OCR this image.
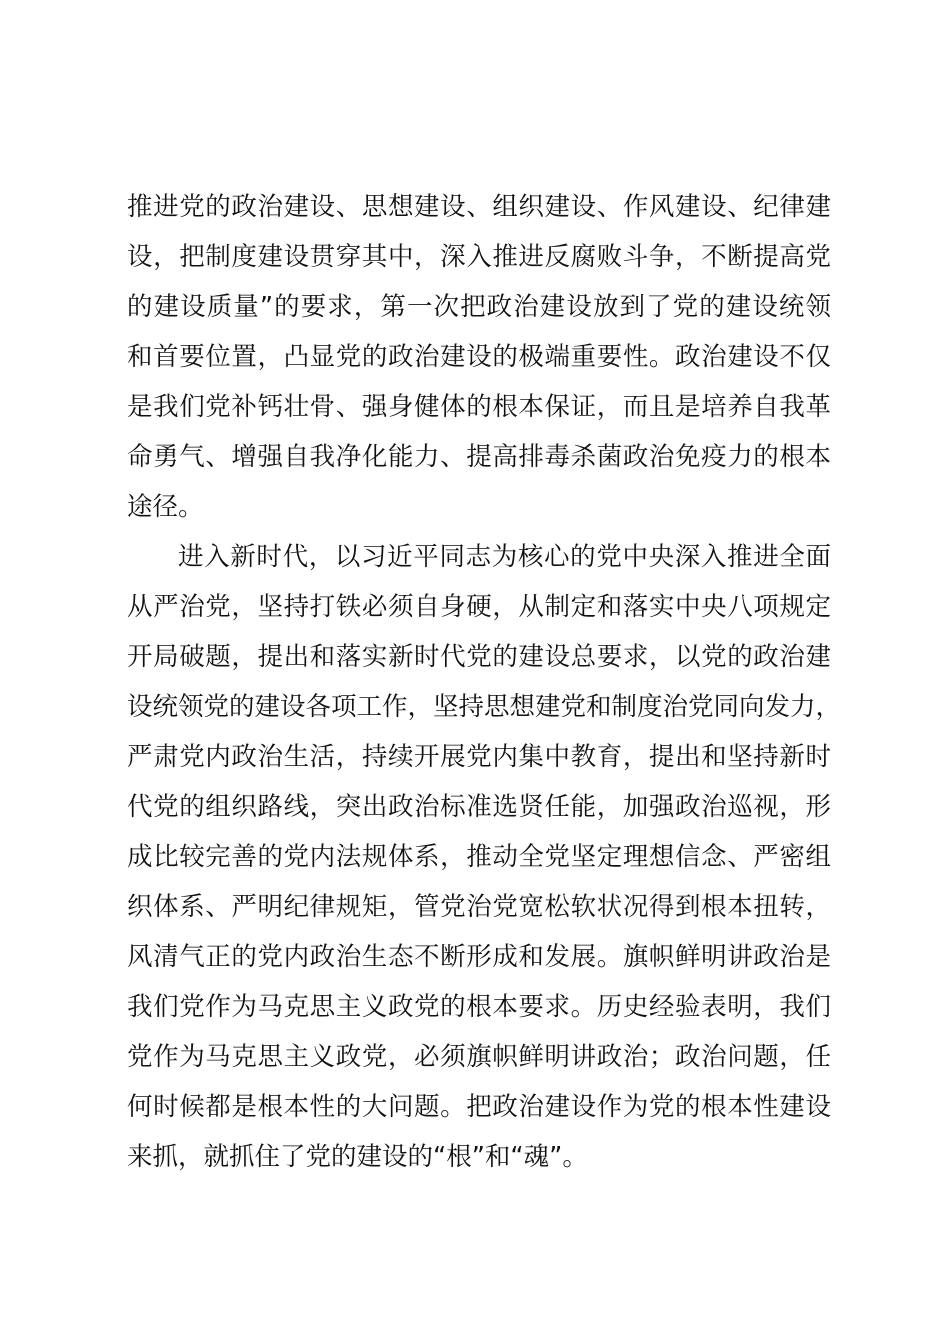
推进党的政治建设、思想建设、组织建设、作风建设、纪律建
设，把制度建设贯穿其中，深入推进反腐败斗争，不断提高党
的建设质量”的要求，第一次把政治建设放到了党的建设统领
和首要位置，凸显党的政治建设的极端重要性。政治建设不仅
是我们党补钙壮骨、强身健体的根本保证，而且是培养自我革
命勇气、增强自我净化能力、提高排毒杀菌政治免疫力的根本
途径。
进入新时代，以习近平同志为核心的党中央深入推进全面
从严治党，坚持打铁必须自身硬，从制定和落实中央八项规定
开局破题，提出和落实新时代党的建设总要求，以党的政治建
设统领党的建设各项工作，坚持思想建党和制度治党同向发力，
严肃党内政治生活，持续开展党内集中教育，提出和坚持新时
代党的组织路线，突出政治标准选贤任能，加强政治巡视，形
成比较完善的党内法规体系，推动全党坚定理想信念、严密组
织体系、严明纪律规矩，管党治党宽松软状况得到根本扭转，
风清气正的党内政治生态不断形成和发展。旗帜鲜明讲政治是
我们党作为马克思主义政党的根本要求。历史经验表明，我们
党作为马克思主义政党，必须旗帜鲜明讲政治；政治问题，任
何时候都是根本性的大问题。把政治建设作为党的根本性建设
来抓，就抓住了党的建设的“根”和“魂”。
